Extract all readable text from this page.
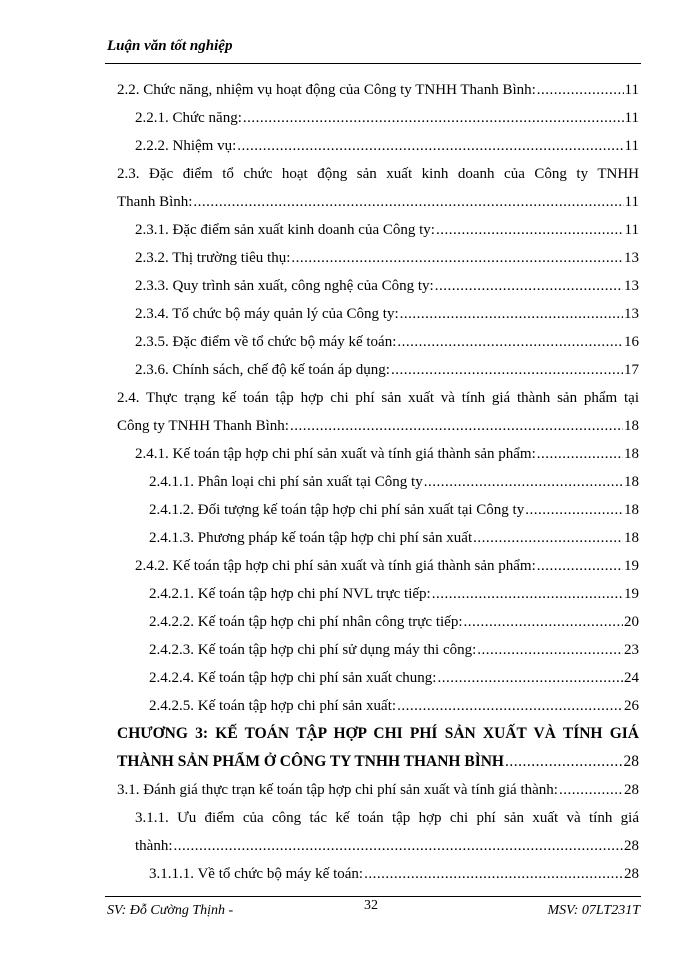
Luận văn tốt nghiệp
2.2. Chức năng, nhiệm vụ hoạt động của Công ty TNHH Thanh Bình: .....	11
2.2.1. Chức năng: .....	11
2.2.2. Nhiệm vụ: .....	11
2.3. Đặc điểm tổ chức hoạt động sản xuất kinh doanh của Công ty TNHH
Thanh Bình: .....	11
2.3.1. Đặc điểm sản xuất kinh doanh của Công ty: .....	11
2.3.2. Thị trường tiêu thụ: .....	13
2.3.3. Quy trình sản xuất, công nghệ của Công ty: .....	13
2.3.4. Tổ chức bộ máy quản lý của Công ty: .....	13
2.3.5. Đặc điểm về tổ chức bộ máy kế toán: .....	16
2.3.6. Chính sách, chế độ kế toán áp dụng: .....	17
2.4. Thực trạng kế toán tập hợp chi phí sản xuất và tính giá thành sản phẩm tại
Công ty TNHH Thanh Bình: .....	18
2.4.1. Kế toán tập hợp chi phí sản xuất và tính giá thành sản phẩm: .....	18
2.4.1.1. Phân loại chi phí sản xuất tại Công ty .....	18
2.4.1.2. Đối tượng kế toán tập hợp chi phí sản xuất tại Công ty .....	18
2.4.1.3. Phương pháp kế toán tập hợp chi phí sản xuất .....	18
2.4.2. Kế toán tập hợp chi phí sản xuất và tính giá thành sản phẩm: .....	19
2.4.2.1. Kế toán tập hợp chi phí NVL trực tiếp: .....	19
2.4.2.2. Kế toán tập hợp chi phí nhân công trực tiếp: .....	20
2.4.2.3. Kế toán tập hợp chi phí sử dụng máy thi công: .....	23
2.4.2.4. Kế toán tập hợp chi phí sản xuất chung: .....	24
2.4.2.5. Kế toán tập hợp chi phí sản xuất: .....	26
CHƯƠNG 3: KẾ TOÁN TẬP HỢP CHI PHÍ SẢN XUẤT VÀ TÍNH GIÁ
THÀNH SẢN PHẨM Ở CÔNG TY TNHH THANH BÌNH .....	28
3.1. Đánh giá thực trạn kế toán tập hợp chi phí sản xuất và tính giá thành: .....	28
3.1.1. Ưu điểm của công tác kế toán tập hợp chi phí sản xuất và tính giá
thành: .....	28
3.1.1.1. Về tổ chức bộ máy kế toán: .....	28
SV: Đỗ Cường Thịnh -	32	MSV: 07LT231T
